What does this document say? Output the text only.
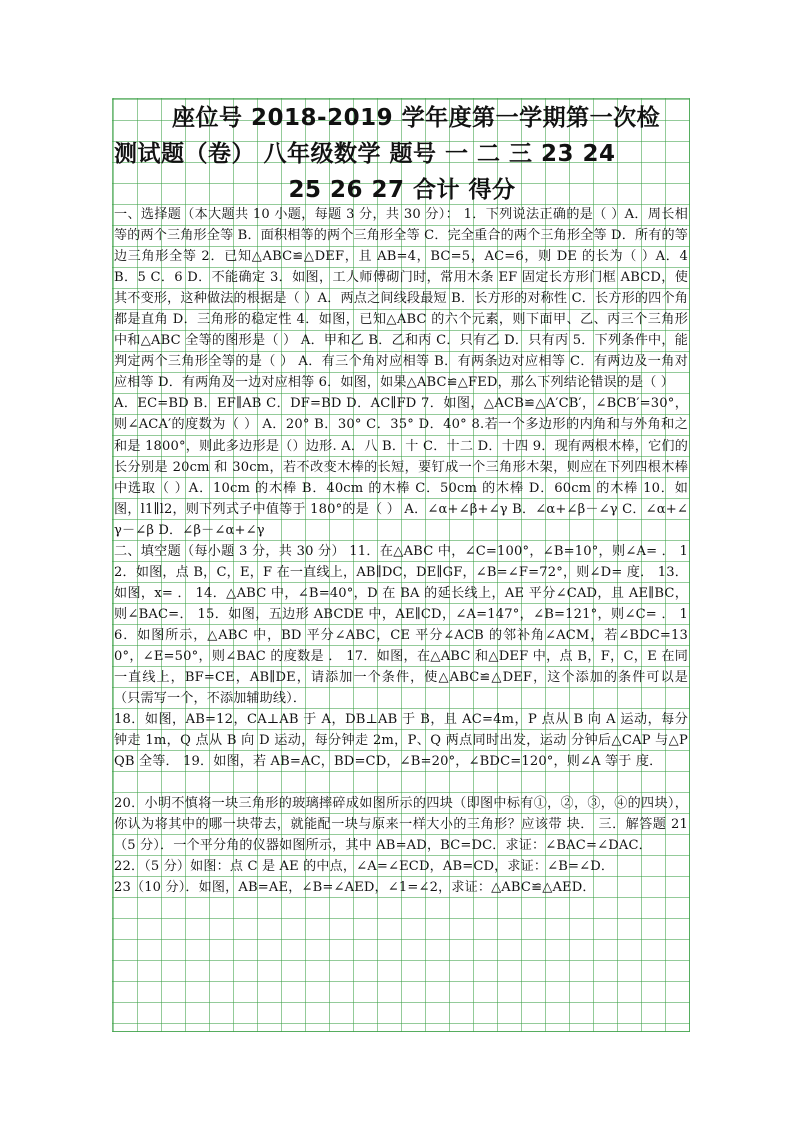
座位号 2018-2019 学年度第一学期第一次检
测试题（卷） 八年级数学 题号 一 二 三 23 24
25 26 27 合计 得分

一、选择题（本大题共 10 小题，每题 3 分，共 30 分）： 1．下列说法正确的是（ ）A．周长相等的两个三角形全等 B．面积相等的两个三角形全等 C．完全重合的两个三角形全等 D．所有的等边三角形全等 2．已知△ABC≌△DEF，且 AB=4，BC=5，AC=6，则 DE 的长为（ ）A．4 B．5 C．6 D．不能确定 3．如图，工人师傅砌门时，常用木条 EF 固定长方形门框 ABCD，使其不变形，这种做法的根据是（ ）A．两点之间线段最短 B．长方形的对称性 C．长方形的四个角都是直角 D．三角形的稳定性 4．如图，已知△ABC 的六个元素，则下面甲、乙、丙三个三角形中和△ABC 全等的图形是（ ） A．甲和乙 B．乙和丙 C．只有乙 D．只有丙 5．下列条件中，能判定两个三角形全等的是（ ） A．有三个角对应相等 B．有两条边对应相等 C．有两边及一角对应相等 D．有两角及一边对应相等 6．如图，如果△ABC≌△FED，那么下列结论错误的是（ ）

A．EC=BD B．EF∥AB C．DF=BD D．AC∥FD 7．如图，△ACB≌△A′CB′，∠BCB′=30°，则∠ACA′的度数为（ ） A．20° B．30° C．35° D．40° 8.若一个多边形的内角和与外角和之和是 1800°，则此多边形是（）边形. A．八 B．十 C．十二 D．十四 9．现有两根木棒，它们的长分别是 20cm 和 30cm，若不改变木棒的长短，要钉成一个三角形木架，则应在下列四根木棒中选取（ ）A．10cm 的木棒 B．40cm 的木棒 C．50cm 的木棒 D．60cm 的木棒 10．如图，l1∥l2，则下列式子中值等于 180°的是（ ） A．∠α+∠β+∠γ B．∠α+∠β－∠γ C．∠α+∠γ－∠β D．∠β－∠α+∠γ

二、填空题（每小题 3 分，共 30 分） 11．在△ABC 中，∠C=100°，∠B=10°，则∠A= ． 12．如图，点 B，C，E，F 在一直线上，AB∥DC，DE∥GF，∠B=∠F=72°，则∠D= 度． 13．如图，x= ． 14．△ABC 中，∠B=40°，D 在 BA 的延长线上，AE 平分∠CAD，且 AE∥BC，则∠BAC=． 15．如图，五边形 ABCDE 中，AE∥CD，∠A=147°，∠B=121°，则∠C= ． 16．如图所示，△ABC 中，BD 平分∠ABC，CE 平分∠ACB 的邻补角∠ACM，若∠BDC=130°，∠E=50°，则∠BAC 的度数是 ． 17．如图，在△ABC 和△DEF 中，点 B，F，C，E 在同一直线上，BF=CE，AB∥DE，请添加一个条件，使△ABC≌△DEF，这个添加的条件可以是 （只需写一个，不添加辅助线）．

18．如图，AB=12，CA⊥AB 于 A，DB⊥AB 于 B，且 AC=4m，P 点从 B 向 A 运动，每分钟走 1m，Q 点从 B 向 D 运动，每分钟走 2m，P、Q 两点同时出发，运动 分钟后△CAP 与△PQB 全等． 19．如图，若 AB=AC，BD=CD，∠B=20°，∠BDC=120°，则∠A 等于 度．

20．小明不慎将一块三角形的玻璃摔碎成如图所示的四块（即图中标有①，②，③，④的四块），你认为将其中的哪一块带去，就能配一块与原来一样大小的三角形？应该带 块． 三．解答题 21（5 分）．一个平分角的仪器如图所示，其中 AB=AD，BC=DC．求证：∠BAC=∠DAC．

22．（5 分）如图：点 C 是 AE 的中点，∠A=∠ECD，AB=CD，求证：∠B=∠D．

23（10 分）．如图，AB=AE，∠B=∠AED，∠1=∠2，求证：△ABC≌△AED．
